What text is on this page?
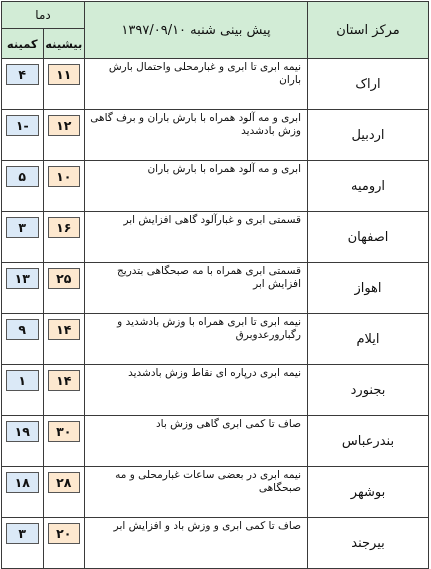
مرکز استان	پیش بینی شنبه ۱۳۹۷/۰۹/۱۰	دما	
		بیشینه	کمینه
اراک	نیمه ابری تا ابری و غبارمحلی واحتمال بارش باران	۱۱	۴

اردبیل	ابری و مه آلود همراه با بارش باران و برف گاهی وزش بادشدید	۱۲	-۱

ارومیه	ابری و مه آلود همراه با بارش باران	۱۰	۵

اصفهان	قسمتی ابری و غبارآلود گاهی افزایش ابر	۱۶	۳

اهواز	قسمتی ابری همراه با مه صبحگاهی بتدریج افزایش ابر	۲۵	۱۳

ایلام	نیمه ابری تا ابری همراه با وزش بادشدید و رگبارورعدوبرق	۱۴	۹

بجنورد	نیمه ابری درپاره ای نقاط وزش بادشدید	۱۴	۱

بندرعباس	صاف تا کمی ابری گاهی وزش باد	۳۰	۱۹

بوشهر	نیمه ابری در بعضی ساعات غبارمحلی و مه صبحگاهی	۲۸	۱۸

بیرجند	صاف تا کمی ابری و وزش باد و افزایش ابر	۲۰	۳
